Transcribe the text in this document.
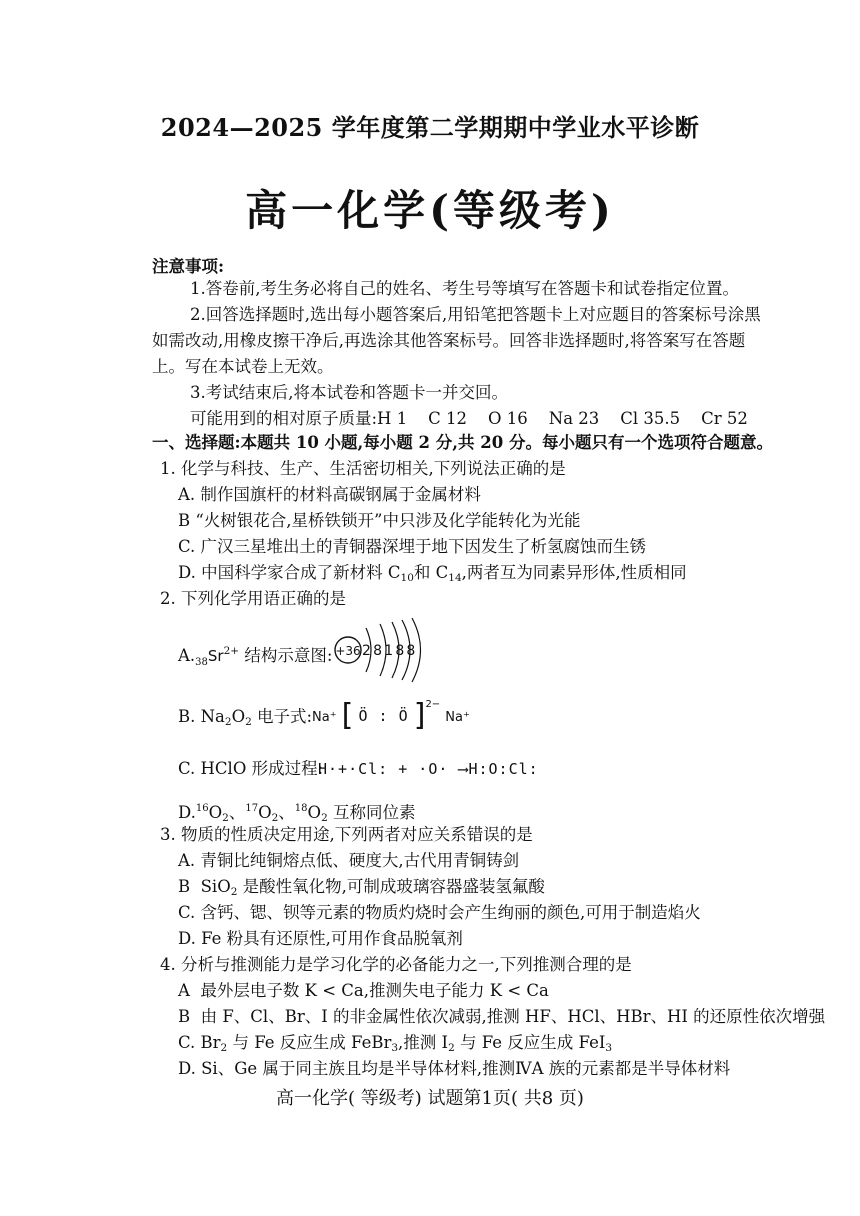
2024—2025 学年度第二学期期中学业水平诊断
高一化学(等级考)
注意事项:
1.答卷前,考生务必将自己的姓名、考生号等填写在答题卡和试卷指定位置。
2.回答选择题时,选出每小题答案后,用铅笔把答题卡上对应题目的答案标号涂黑
如需改动,用橡皮擦干净后,再选涂其他答案标号。回答非选择题时,将答案写在答题
上。写在本试卷上无效。
3.考试结束后,将本试卷和答题卡一并交回。
可能用到的相对原子质量:H 1    C 12    O 16    Na 23    Cl 35.5    Cr 52
一、选择题:本题共 10 小题,每小题 2 分,共 20 分。每小题只有一个选项符合题意。
1. 化学与科技、生产、生活密切相关,下列说法正确的是
A. 制作国旗杆的材料高碳钢属于金属材料
B “火树银花合,星桥铁锁开”中只涉及化学能转化为光能
C. 广汉三星堆出土的青铜器深埋于地下因发生了析氢腐蚀而生锈
D. 中国科学家合成了新材料 $C_{10}$和 $C_{14}$,两者互为同素异形体,性质相同
2. 下列化学用语正确的是
$A._{38}Sr^{2+}$ 结构示意图: +36 28188
B. $Na_2O_2$ 电子式: Na⁺ [ Ö : Ö ]$^{2-}$ Na⁺
C. HClO 形成过程:
H·+·Cl: + ·O· ⟶H:O:Cl:
$D.^{16}O_2$、$^{17}O_2$、$^{18}O_2$ 互称同位素
3. 物质的性质决定用途,下列两者对应关系错误的是
A. 青铜比纯铜熔点低、硬度大,古代用青铜铸剑
B  SiO$_2$ 是酸性氧化物,可制成玻璃容器盛装氢氟酸
C. 含钙、锶、钡等元素的物质灼烧时会产生绚丽的颜色,可用于制造焰火
D. Fe 粉具有还原性,可用作食品脱氧剂
4. 分析与推测能力是学习化学的必备能力之一,下列推测合理的是
A  最外层电子数 K < Ca,推测失电子能力 K < Ca
B  由 F、Cl、Br、I 的非金属性依次减弱,推测 HF、HCl、HBr、HI 的还原性依次增强
C. $Br_2$ 与 Fe 反应生成 FeBr$_3$,推测 $I_2$ 与 Fe 反应生成 FeI$_3$
D. Si、Ge 属于同主族且均是半导体材料,推测ⅣA 族的元素都是半导体材料
高一化学( 等级考) 试题第1页( 共8 页)
